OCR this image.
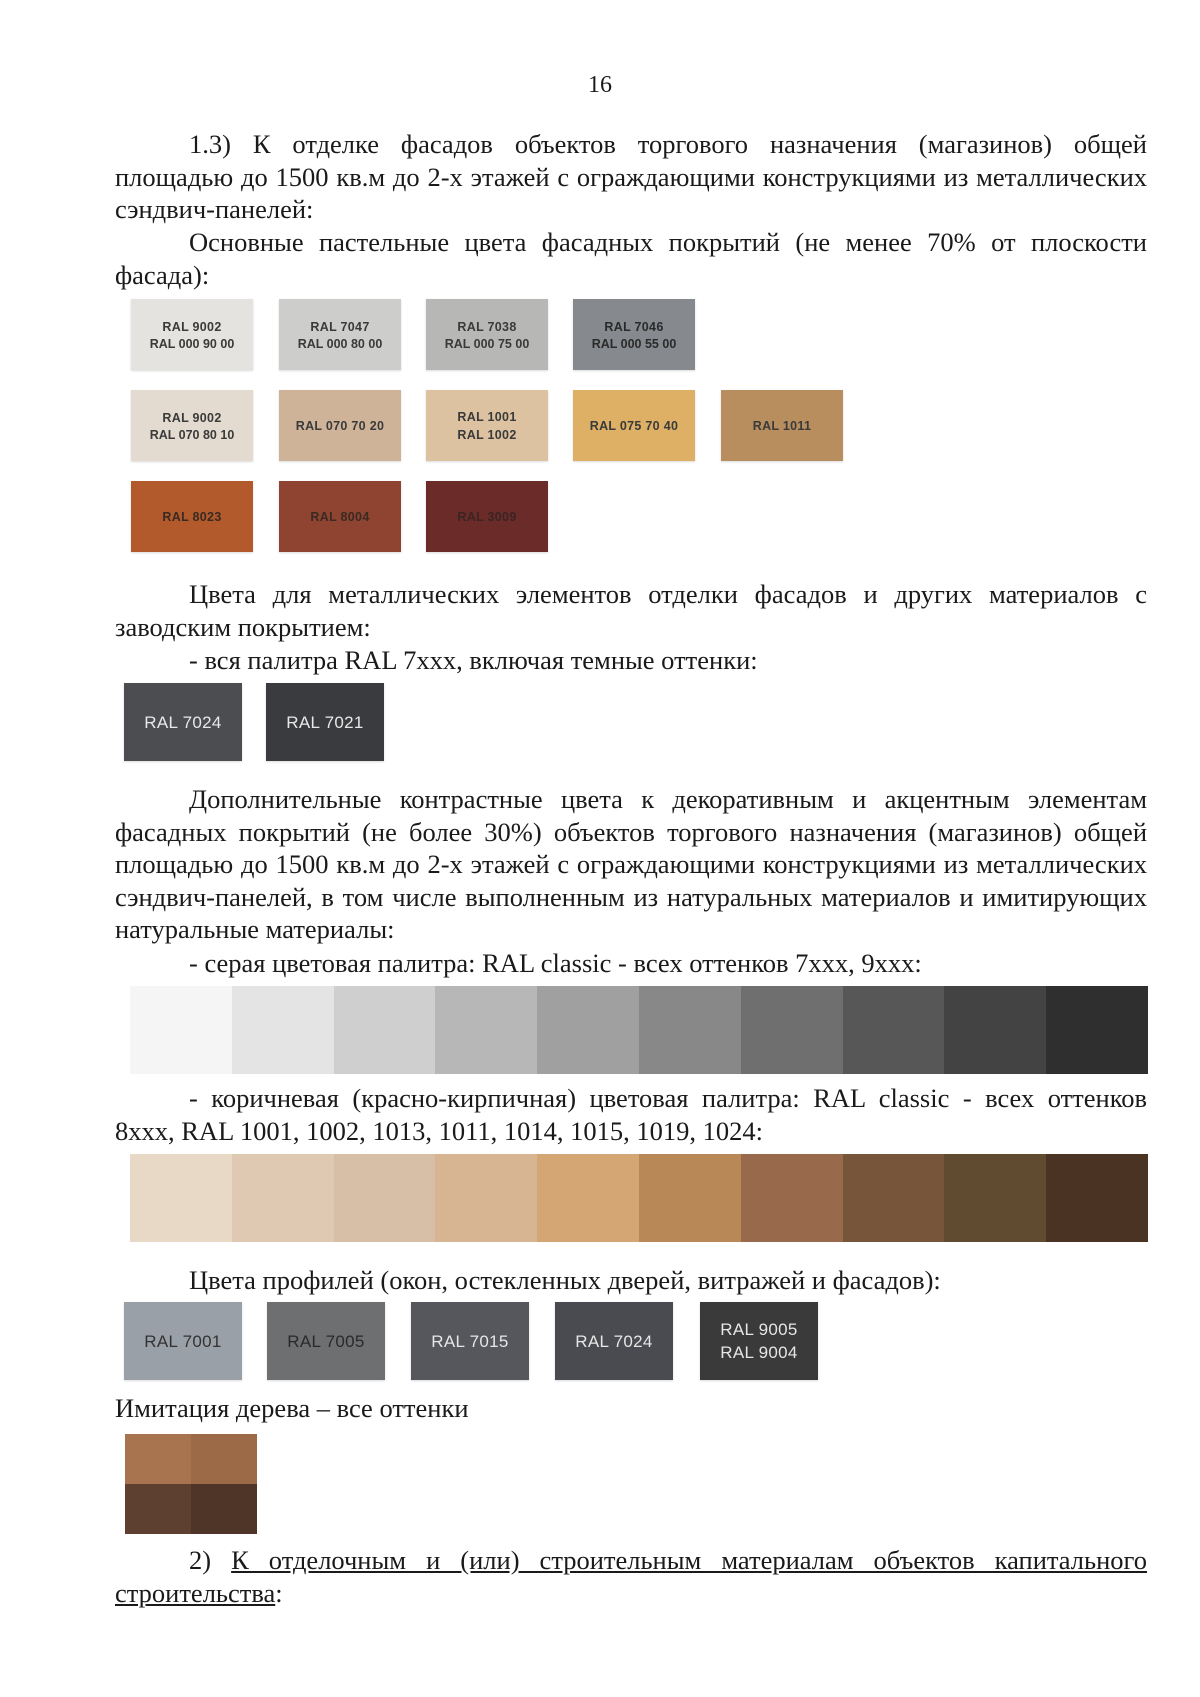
16

1.3) К отделке фасадов объектов торгового назначения (магазинов) общей площадью до 1500 кв.м до 2-х этажей с ограждающими конструкциями из металлических сэндвич-панелей:

Основные пастельные цвета фасадных покрытий (не менее 70% от плоскости фасада):

RAL 9002
RAL 000 90 00
RAL 7047
RAL 000 80 00
RAL 7038
RAL 000 75 00
RAL 7046
RAL 000 55 00
RAL 9002
RAL 070 80 10
RAL 070 70 20
RAL 1001
RAL 1002
RAL 075 70 40	RAL 1011
RAL 8023	RAL 8004	RAL 3009

Цвета для металлических элементов отделки фасадов и других материалов с заводским покрытием:

- вся палитра RAL 7xxx, включая темные оттенки:

RAL 7024	RAL 7021

Дополнительные контрастные цвета к декоративным и акцентным элементам фасадных покрытий (не более 30%) объектов торгового назначения (магазинов) общей площадью до 1500 кв.м до 2-х этажей с ограждающими конструкциями из металлических сэндвич-панелей, в том числе выполненным из натуральных материалов и имитирующих натуральные материалы:

- серая цветовая палитра: RAL classic - всех оттенков 7xxx, 9xxx:

- коричневая (красно-кирпичная) цветовая палитра: RAL classic - всех оттенков 8xxx, RAL 1001, 1002, 1013, 1011, 1014, 1015, 1019, 1024:

Цвета профилей (окон, остекленных дверей, витражей и фасадов):

RAL 7001	RAL 7005	RAL 7015	RAL 7024
RAL 9005
RAL 9004

Имитация дерева – все оттенки

2) К отделочным и (или) строительным материалам объектов капитального строительства:
